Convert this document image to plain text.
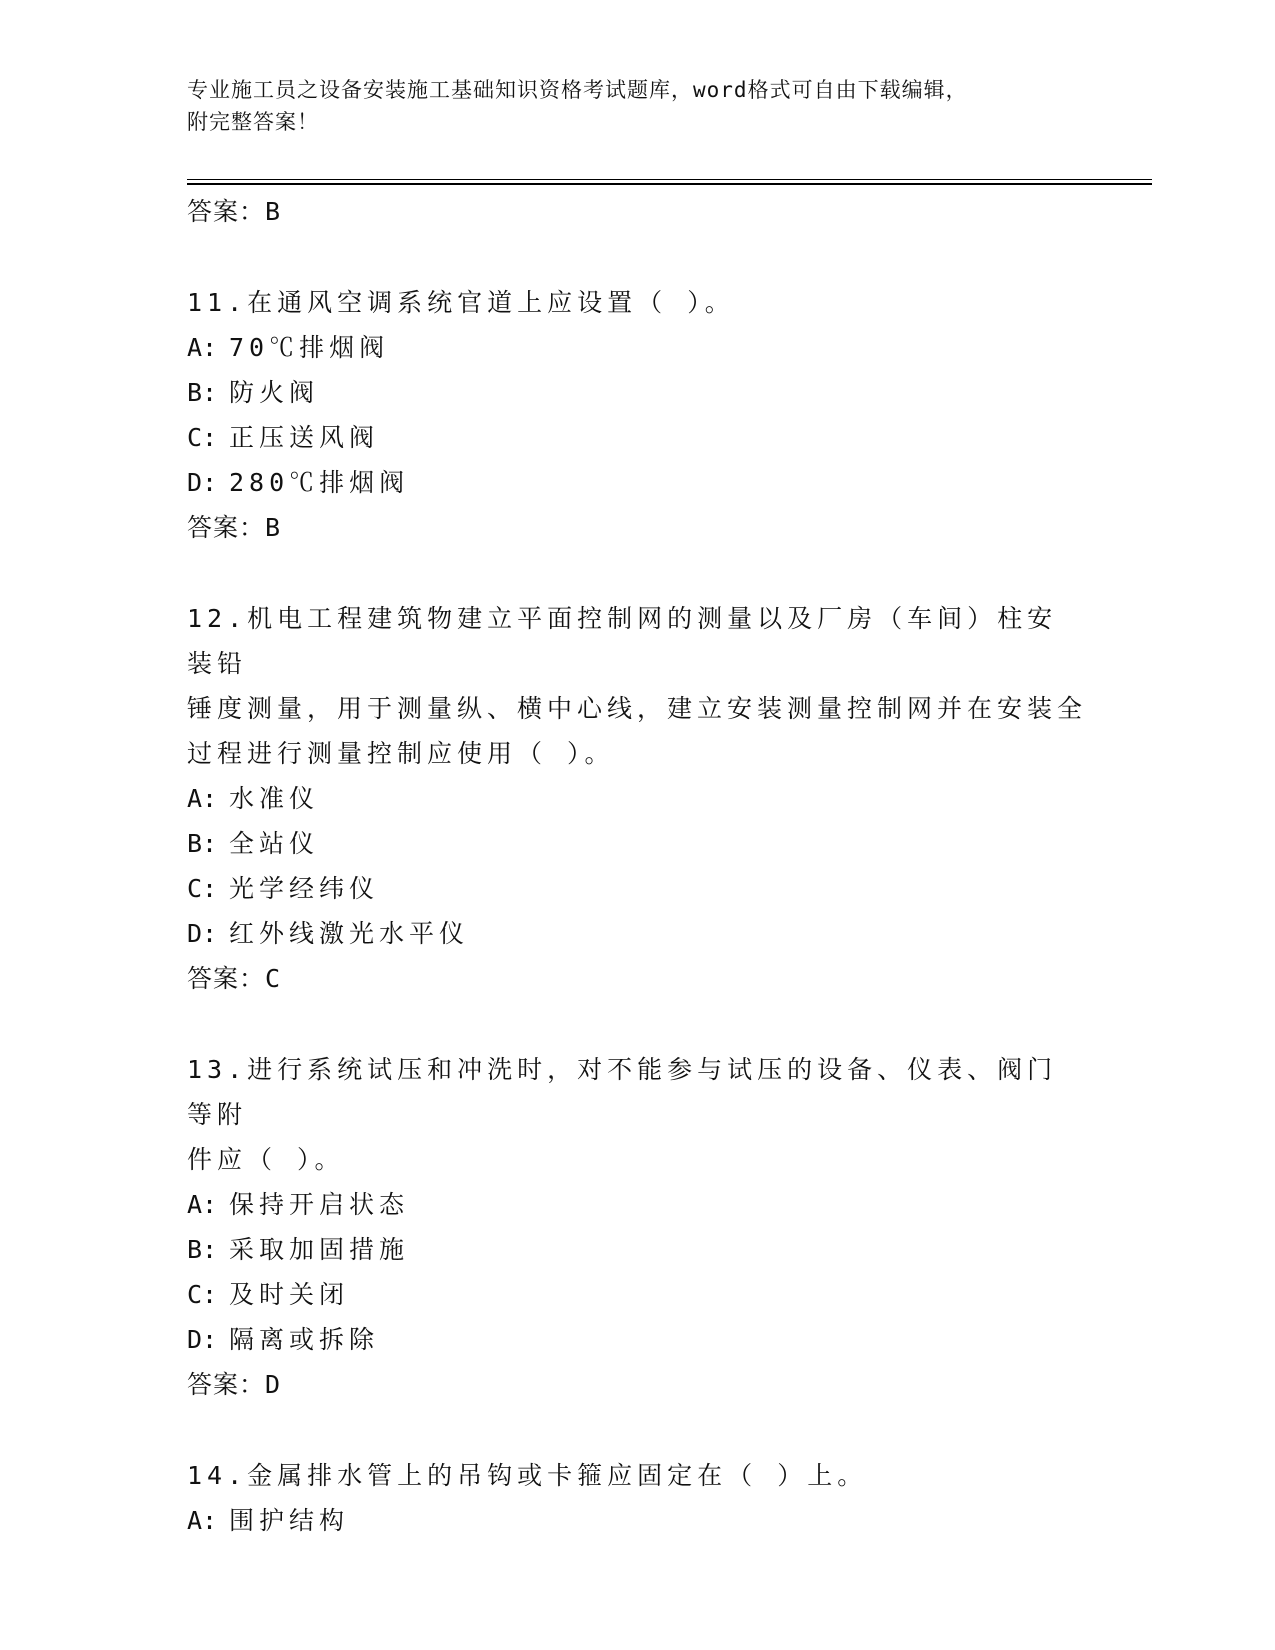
专业施工员之设备安装施工基础知识资格考试题库，word格式可自由下载编辑，
附完整答案！
答案：B
11.在通风空调系统官道上应设置（ ）。
A: 70℃排烟阀
B: 防火阀
C: 正压送风阀
D: 280℃排烟阀
答案：B
12.机电工程建筑物建立平面控制网的测量以及厂房（车间）柱安装铅
锤度测量，用于测量纵、横中心线，建立安装测量控制网并在安装全
过程进行测量控制应使用（ ）。
A: 水准仪
B: 全站仪
C: 光学经纬仪
D: 红外线激光水平仪
答案：C
13.进行系统试压和冲洗时，对不能参与试压的设备、仪表、阀门等附
件应（ ）。
A: 保持开启状态
B: 采取加固措施
C: 及时关闭
D: 隔离或拆除
答案：D
14.金属排水管上的吊钩或卡箍应固定在（ ）上。
A: 围护结构
